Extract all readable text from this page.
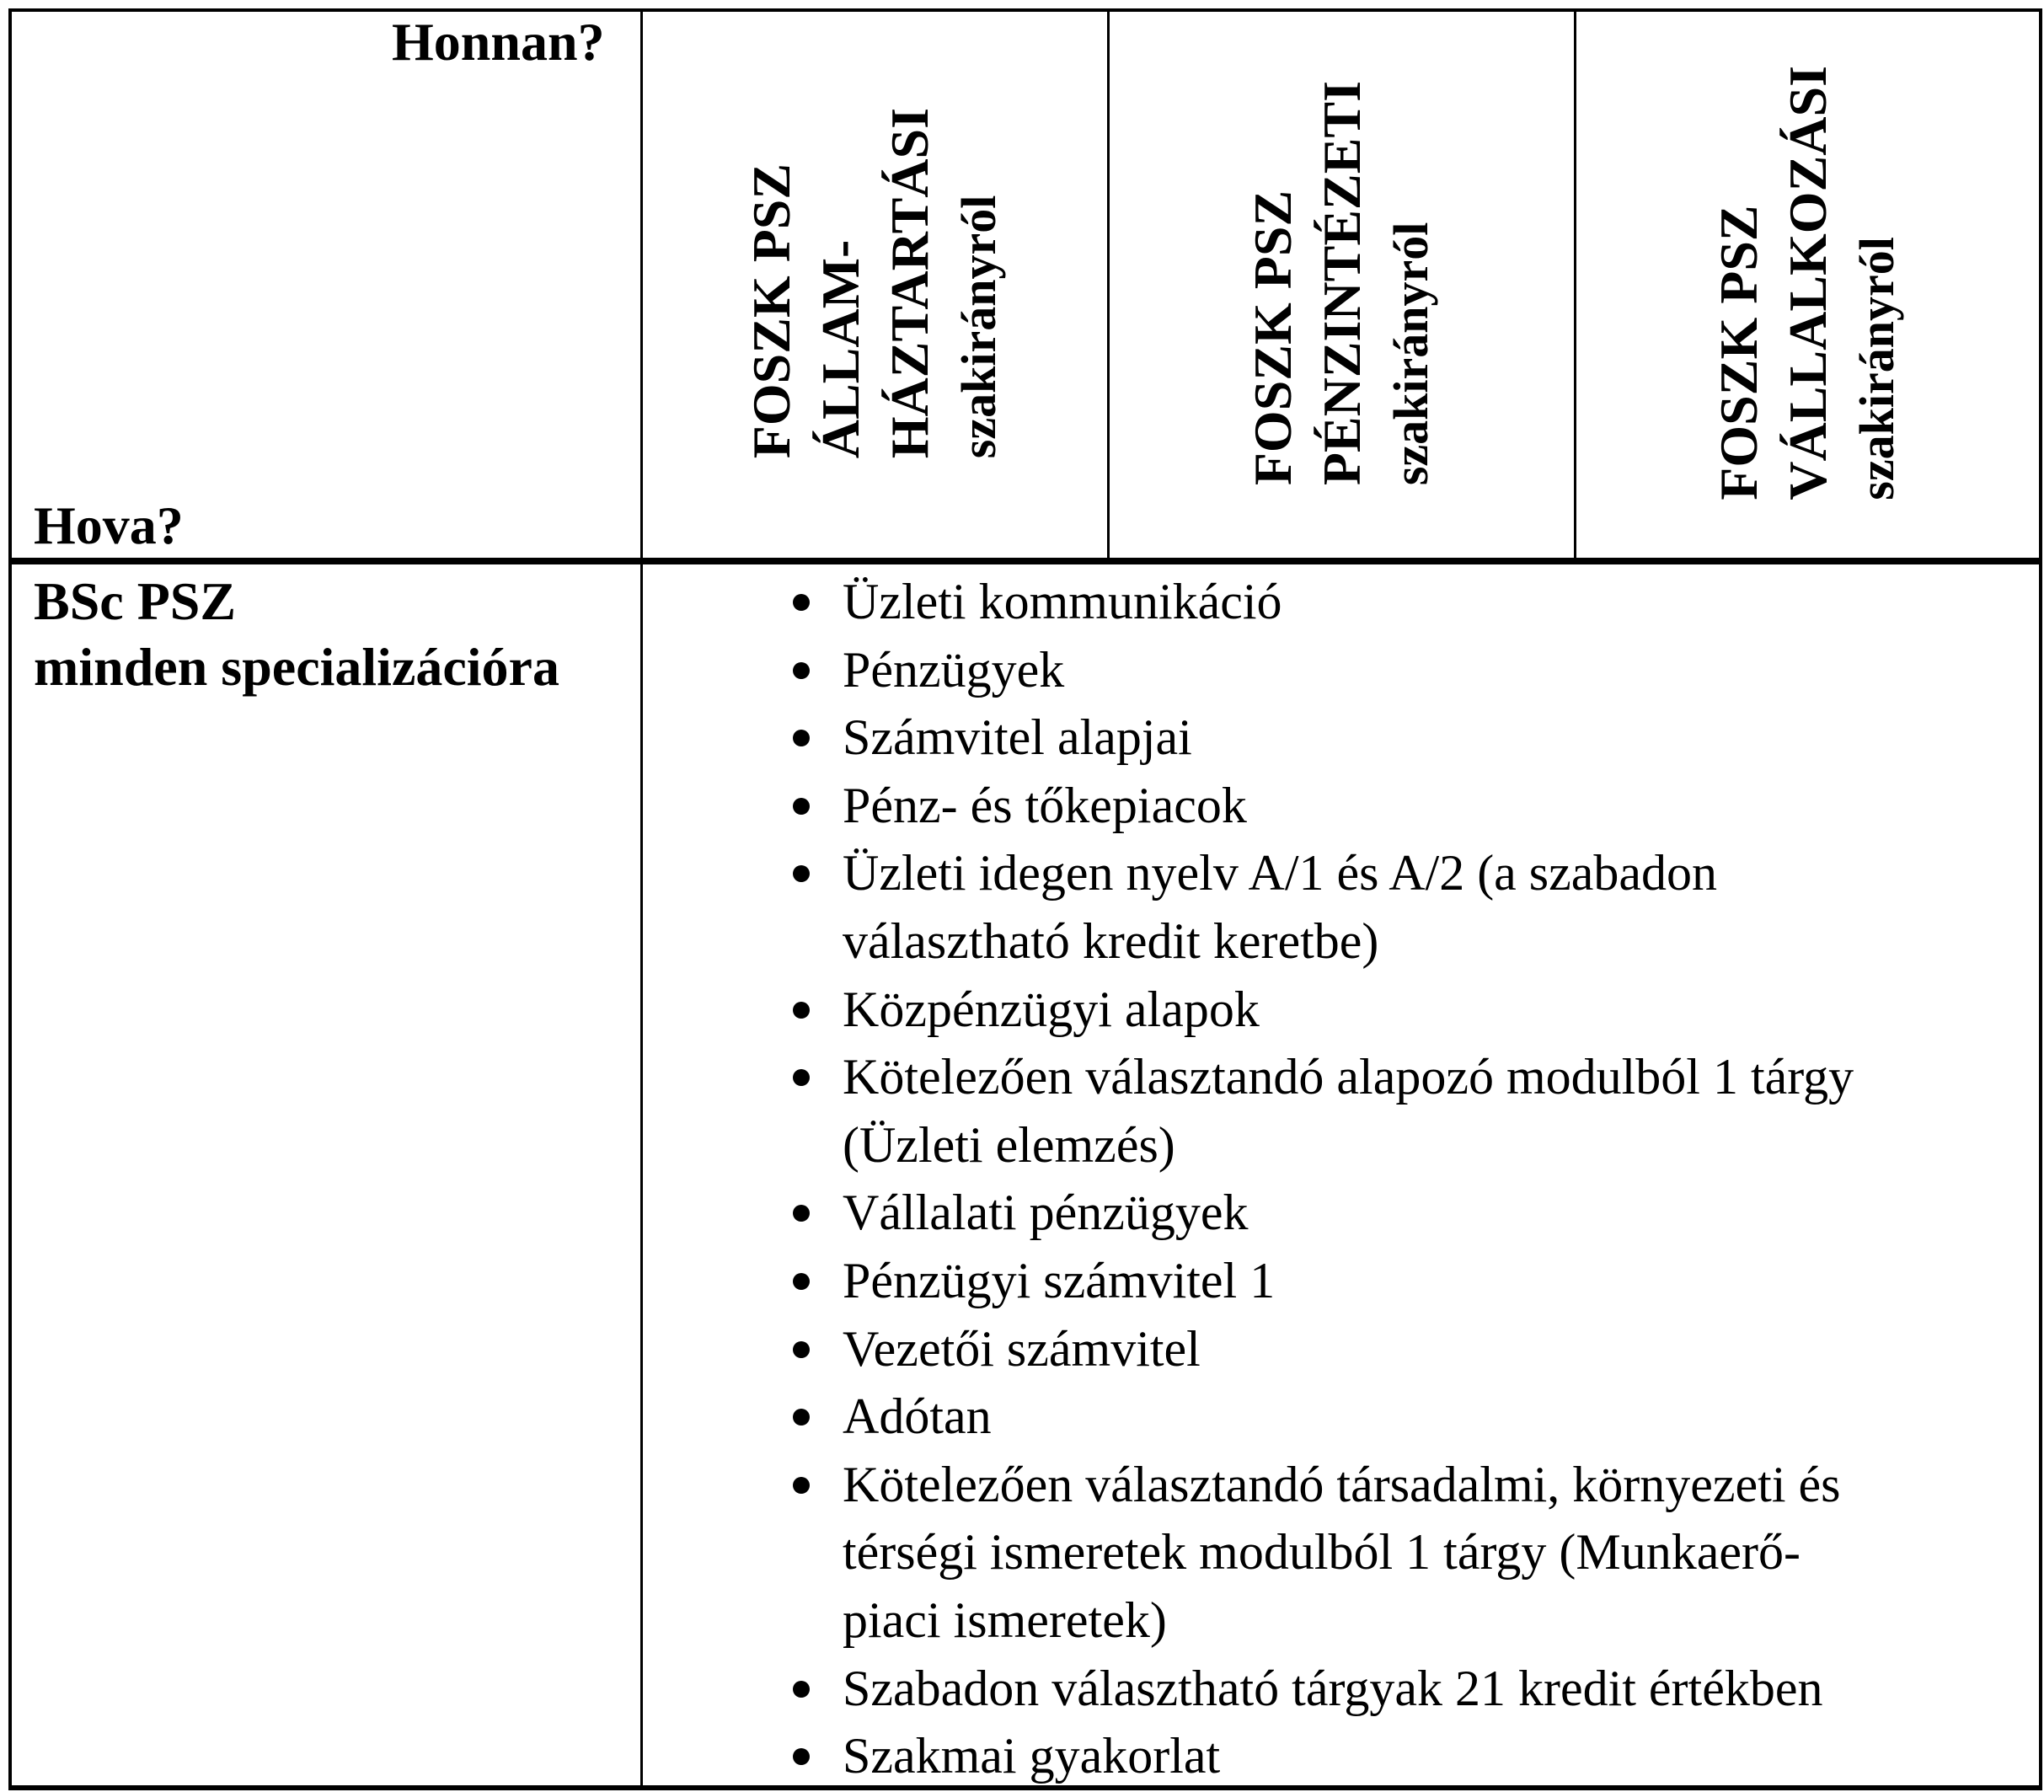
Honnan?
Hova?
FOSZK PSZ ÁLLAM- HÁZTARTÁSI szakirányról	FOSZK PSZ PÉNZINTÉZETI szakirányról	FOSZK PSZ VÁLLALKOZÁSI szakirányról
BSc PSZ
minden specializációra
Üzleti kommunikáció
Pénzügyek
Számvitel alapjai
Pénz- és tőkepiacok
Üzleti idegen nyelv A/1 és A/2 (a szabadon
választható kredit keretbe)
Közpénzügyi alapok
Kötelezően választandó alapozó modulból 1 tárgy
(Üzleti elemzés)
Vállalati pénzügyek
Pénzügyi számvitel 1
Vezetői számvitel
Adótan
Kötelezően választandó társadalmi, környezeti és
térségi ismeretek modulból 1 tárgy (Munkaerő-
piaci ismeretek)
Szabadon választható tárgyak 21 kredit értékben
Szakmai gyakorlat
